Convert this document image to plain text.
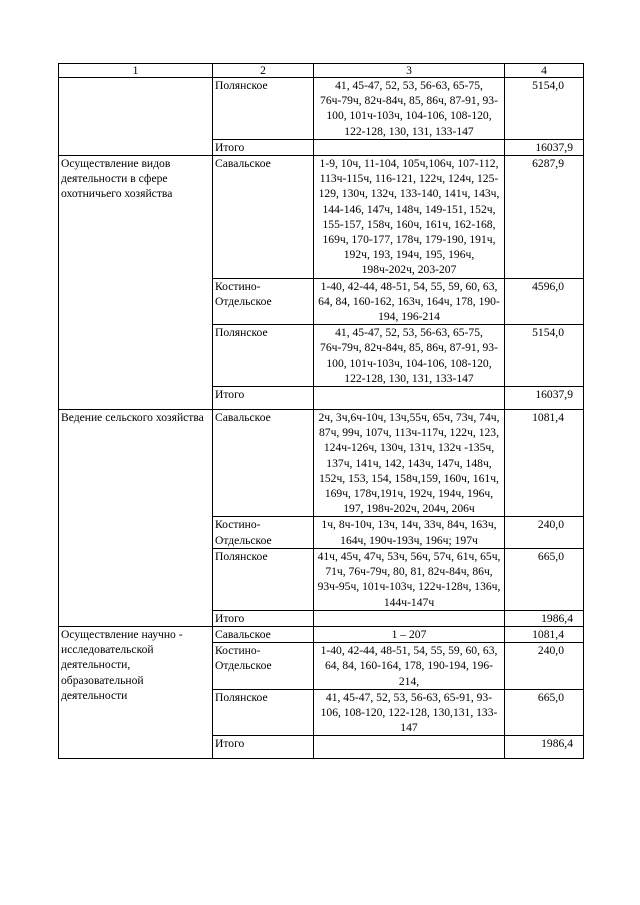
1	2	3	4
	Полянское	41, 45-47, 52, 53, 56-63, 65-75, 76ч-79ч, 82ч-84ч, 85, 86ч, 87-91, 93-100, 101ч-103ч, 104-106, 108-120, 122-128, 130, 131, 133-147	5154,0
	Итого		16037,9
Осуществление видов деятельности в сфере охотничьего хозяйства	Савальское	1-9, 10ч, 11-104, 105ч,106ч, 107-112, 113ч-115ч, 116-121, 122ч, 124ч, 125-129, 130ч, 132ч, 133-140, 141ч, 143ч, 144-146, 147ч, 148ч, 149-151, 152ч, 155-157, 158ч, 160ч, 161ч, 162-168, 169ч, 170-177, 178ч, 179-190, 191ч, 192ч, 193, 194ч, 195, 196ч, 198ч-202ч, 203-207	6287,9
	Костино-Отдельское	1-40, 42-44, 48-51, 54, 55, 59, 60, 63, 64, 84, 160-162, 163ч, 164ч, 178, 190-194, 196-214	4596,0
	Полянское	41, 45-47, 52, 53, 56-63, 65-75, 76ч-79ч, 82ч-84ч, 85, 86ч, 87-91, 93-100, 101ч-103ч, 104-106, 108-120, 122-128, 130, 131, 133-147	5154,0
	Итого		16037,9
Ведение сельского хозяйства	Савальское	2ч, 3ч,6ч-10ч, 13ч,55ч, 65ч, 73ч, 74ч, 87ч, 99ч, 107ч, 113ч-117ч, 122ч, 123, 124ч-126ч, 130ч, 131ч, 132ч -135ч, 137ч, 141ч, 142, 143ч, 147ч, 148ч, 152ч, 153, 154, 158ч,159, 160ч, 161ч, 169ч, 178ч,191ч, 192ч, 194ч, 196ч, 197, 198ч-202ч, 204ч, 206ч	1081,4
	Костино-Отдельское	1ч, 8ч-10ч, 13ч, 14ч, 33ч, 84ч, 163ч, 164ч, 190ч-193ч, 196ч; 197ч	240,0
	Полянское	41ч, 45ч, 47ч, 53ч, 56ч, 57ч, 61ч, 65ч, 71ч, 76ч-79ч, 80, 81, 82ч-84ч, 86ч, 93ч-95ч, 101ч-103ч, 122ч-128ч, 136ч, 144ч-147ч	665,0
	Итого		1986,4
Осуществление научно - исследовательской деятельности, образовательной деятельности	Савальское	1 – 207	1081,4
	Костино-Отдельское	1-40, 42-44, 48-51, 54, 55, 59, 60, 63, 64, 84, 160-164, 178, 190-194, 196-214,	240,0
	Полянское	41, 45-47, 52, 53, 56-63, 65-91, 93-106, 108-120, 122-128, 130,131, 133-147	665,0
	Итого		1986,4
